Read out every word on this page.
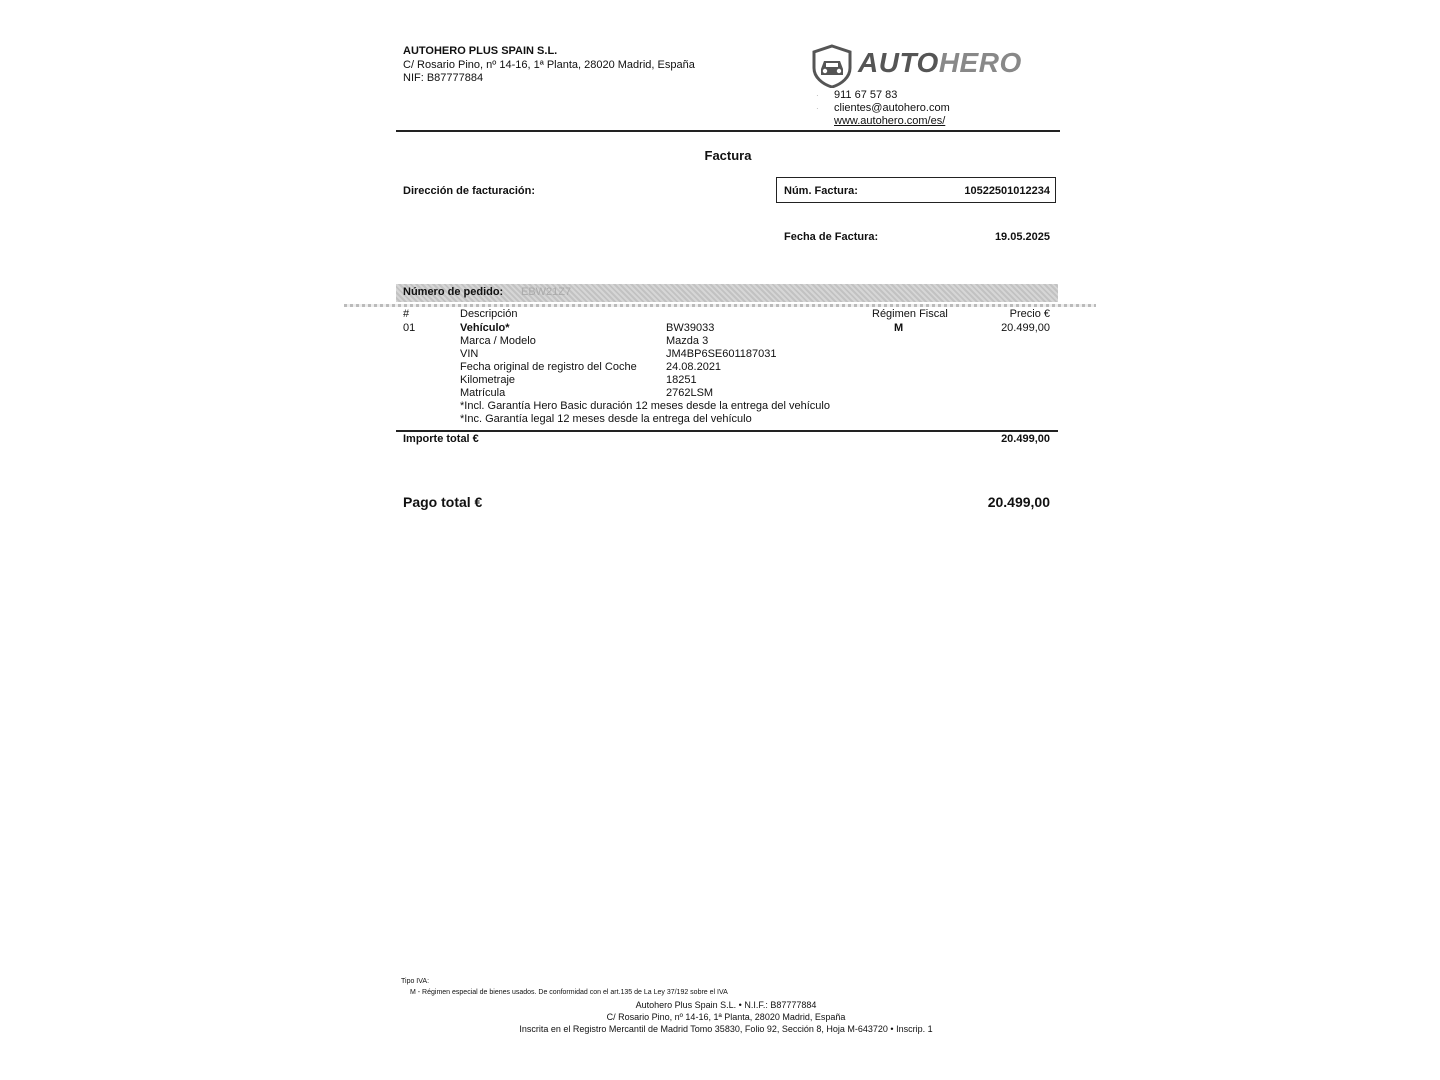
AUTOHERO PLUS SPAIN S.L.
C/ Rosario Pino, nº 14-16, 1ª Planta, 28020 Madrid, España
NIF: B87777884	AUTOHERO
· 911 67 57 83
· clientes@autohero.com
www.autohero.com/es/
Factura
Dirección de facturación:	Núm. Factura:	10522501012234
Fecha de Factura:	19.05.2025
Número de pedido: EBW21Z7
#	Descripción	Régimen Fiscal	Precio €
01	Vehículo*	BW39033	M	20.499,00
Marca / Modelo	Mazda 3
VIN	JM4BP6SE601187031
Fecha original de registro del Coche	24.08.2021
Kilometraje	18251
Matrícula	2762LSM
*Incl. Garantía Hero Basic duración 12 meses desde la entrega del vehículo
*Inc. Garantía legal 12 meses desde la entrega del vehículo
Importe total €	20.499,00
Pago total €	20.499,00
Tipo IVA:
M - Régimen especial de bienes usados. De conformidad con el art.135 de La Ley 37/192 sobre el IVA
Autohero Plus Spain S.L. • N.I.F.: B87777884
C/ Rosario Pino, nº 14-16, 1ª Planta, 28020 Madrid, España
Inscrita en el Registro Mercantil de Madrid Tomo 35830, Folio 92, Sección 8, Hoja M-643720 • Inscrip. 1
